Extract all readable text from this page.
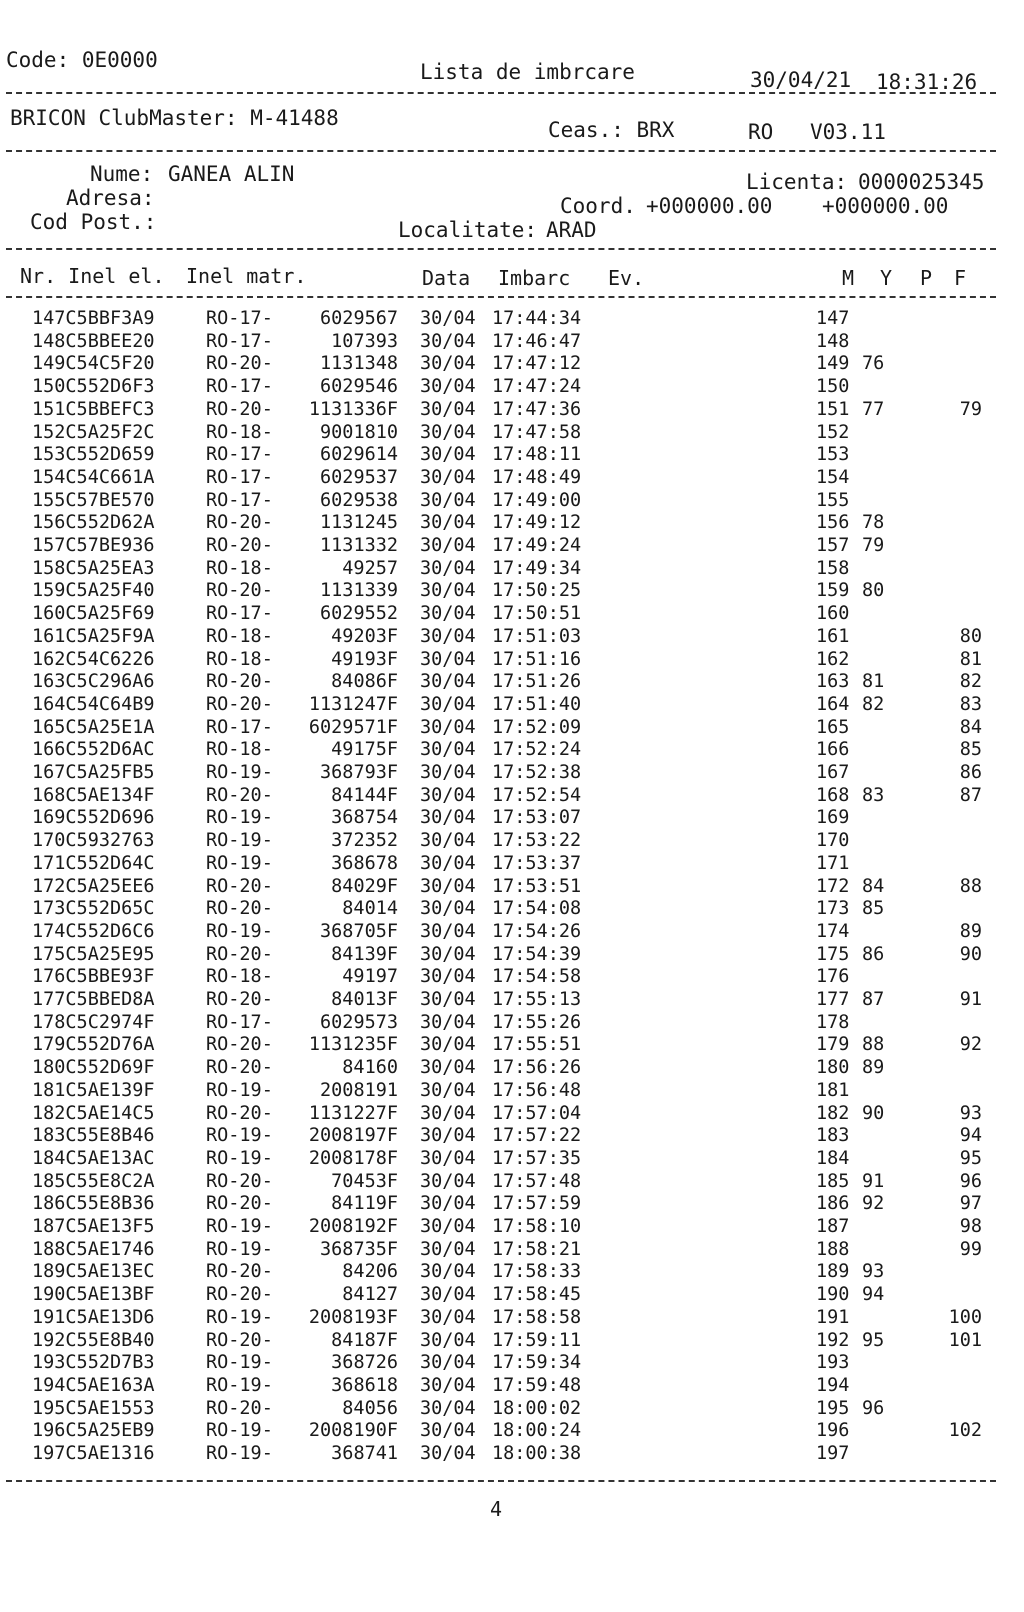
Code: 0E0000	Lista de imbrcare	30/04/21 18:31:26
BRICON ClubMaster: M-41488	Ceas.: BRX	RO V03.11
Nume: GANEA ALIN	Licenta: 0000025345
Adresa:	Coord. +000000.00 +000000.00
Cod Post.:	Localitate: ARAD
Nr. Inel el. Inel matr.	Data Imbarc Ev.	M Y P F
147C5BBF3A9	RO-17-	6029567 30/04 17:44:34	147
148C5BBEE20	RO-17-	107393 30/04 17:46:47	148
149C54C5F20	RO-20-	1131348 30/04 17:47:12	149 76
150C552D6F3	RO-17-	6029546 30/04 17:47:24	150
151C5BBEFC3	RO-20-	1131336F 30/04 17:47:36	151 77	79
152C5A25F2C	RO-18-	9001810 30/04 17:47:58	152
153C552D659	RO-17-	6029614 30/04 17:48:11	153
154C54C661A	RO-17-	6029537 30/04 17:48:49	154
155C57BE570	RO-17-	6029538 30/04 17:49:00	155
156C552D62A	RO-20-	1131245 30/04 17:49:12	156 78
157C57BE936	RO-20-	1131332 30/04 17:49:24	157 79
158C5A25EA3	RO-18-	49257 30/04 17:49:34	158
159C5A25F40	RO-20-	1131339 30/04 17:50:25	159 80
160C5A25F69	RO-17-	6029552 30/04 17:50:51	160
161C5A25F9A	RO-18-	49203F 30/04 17:51:03	161	80
162C54C6226	RO-18-	49193F 30/04 17:51:16	162	81
163C5C296A6	RO-20-	84086F 30/04 17:51:26	163 81	82
164C54C64B9	RO-20-	1131247F 30/04 17:51:40	164 82	83
165C5A25E1A	RO-17-	6029571F 30/04 17:52:09	165	84
166C552D6AC	RO-18-	49175F 30/04 17:52:24	166	85
167C5A25FB5	RO-19-	368793F 30/04 17:52:38	167	86
168C5AE134F	RO-20-	84144F 30/04 17:52:54	168 83	87
169C552D696	RO-19-	368754 30/04 17:53:07	169
170C5932763	RO-19-	372352 30/04 17:53:22	170
171C552D64C	RO-19-	368678 30/04 17:53:37	171
172C5A25EE6	RO-20-	84029F 30/04 17:53:51	172 84	88
173C552D65C	RO-20-	84014 30/04 17:54:08	173 85
174C552D6C6	RO-19-	368705F 30/04 17:54:26	174	89
175C5A25E95	RO-20-	84139F 30/04 17:54:39	175 86	90
176C5BBE93F	RO-18-	49197 30/04 17:54:58	176
177C5BBED8A	RO-20-	84013F 30/04 17:55:13	177 87	91
178C5C2974F	RO-17-	6029573 30/04 17:55:26	178
179C552D76A	RO-20-	1131235F 30/04 17:55:51	179 88	92
180C552D69F	RO-20-	84160 30/04 17:56:26	180 89
181C5AE139F	RO-19-	2008191 30/04 17:56:48	181
182C5AE14C5	RO-20-	1131227F 30/04 17:57:04	182 90	93
183C55E8B46	RO-19-	2008197F 30/04 17:57:22	183	94
184C5AE13AC	RO-19-	2008178F 30/04 17:57:35	184	95
185C55E8C2A	RO-20-	70453F 30/04 17:57:48	185 91	96
186C55E8B36	RO-20-	84119F 30/04 17:57:59	186 92	97
187C5AE13F5	RO-19-	2008192F 30/04 17:58:10	187	98
188C5AE1746	RO-19-	368735F 30/04 17:58:21	188	99
189C5AE13EC	RO-20-	84206 30/04 17:58:33	189 93
190C5AE13BF	RO-20-	84127 30/04 17:58:45	190 94
191C5AE13D6	RO-19-	2008193F 30/04 17:58:58	191	100
192C55E8B40	RO-20-	84187F 30/04 17:59:11	192 95	101
193C552D7B3	RO-19-	368726 30/04 17:59:34	193
194C5AE163A	RO-19-	368618 30/04 17:59:48	194
195C5AE1553	RO-20-	84056 30/04 18:00:02	195 96
196C5A25EB9	RO-19-	2008190F 30/04 18:00:24	196	102
197C5AE1316	RO-19-	368741 30/04 18:00:38	197
4
